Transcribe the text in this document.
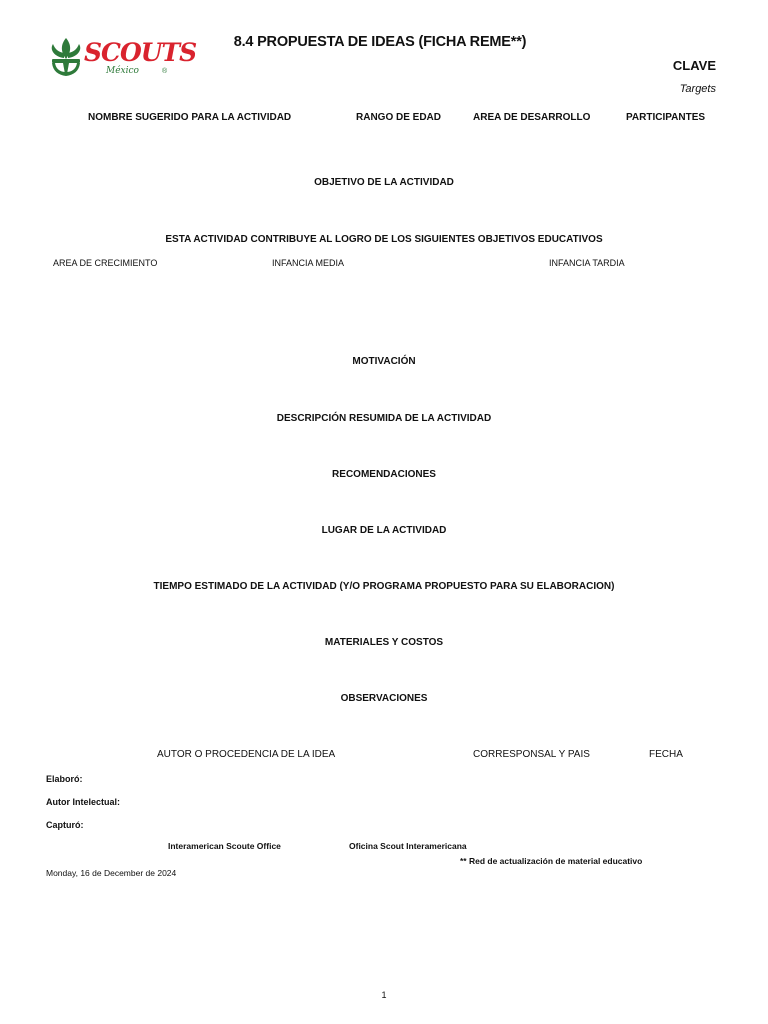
SCOUTS
México	®
8.4 PROPUESTA DE IDEAS (FICHA REME**)
CLAVE
Targets
NOMBRE SUGERIDO PARA LA ACTIVIDAD	RANGO DE EDAD	AREA DE DESARROLLO	PARTICIPANTES
OBJETIVO DE LA ACTIVIDAD
ESTA ACTIVIDAD CONTRIBUYE AL LOGRO DE LOS SIGUIENTES OBJETIVOS EDUCATIVOS
AREA DE CRECIMIENTO	INFANCIA MEDIA	INFANCIA TARDIA
MOTIVACIÓN
DESCRIPCIÓN RESUMIDA DE LA ACTIVIDAD
RECOMENDACIONES
LUGAR DE LA ACTIVIDAD
TIEMPO ESTIMADO DE LA ACTIVIDAD (Y/O PROGRAMA PROPUESTO PARA SU ELABORACION)
MATERIALES Y COSTOS
OBSERVACIONES
AUTOR O PROCEDENCIA DE LA IDEA	CORRESPONSAL Y PAIS	FECHA
Elaboró:
Autor Intelectual:
Capturó:
Interamerican Scoute Office	Oficina Scout Interamericana
** Red de actualización de material educativo
Monday, 16 de December de 2024
1
